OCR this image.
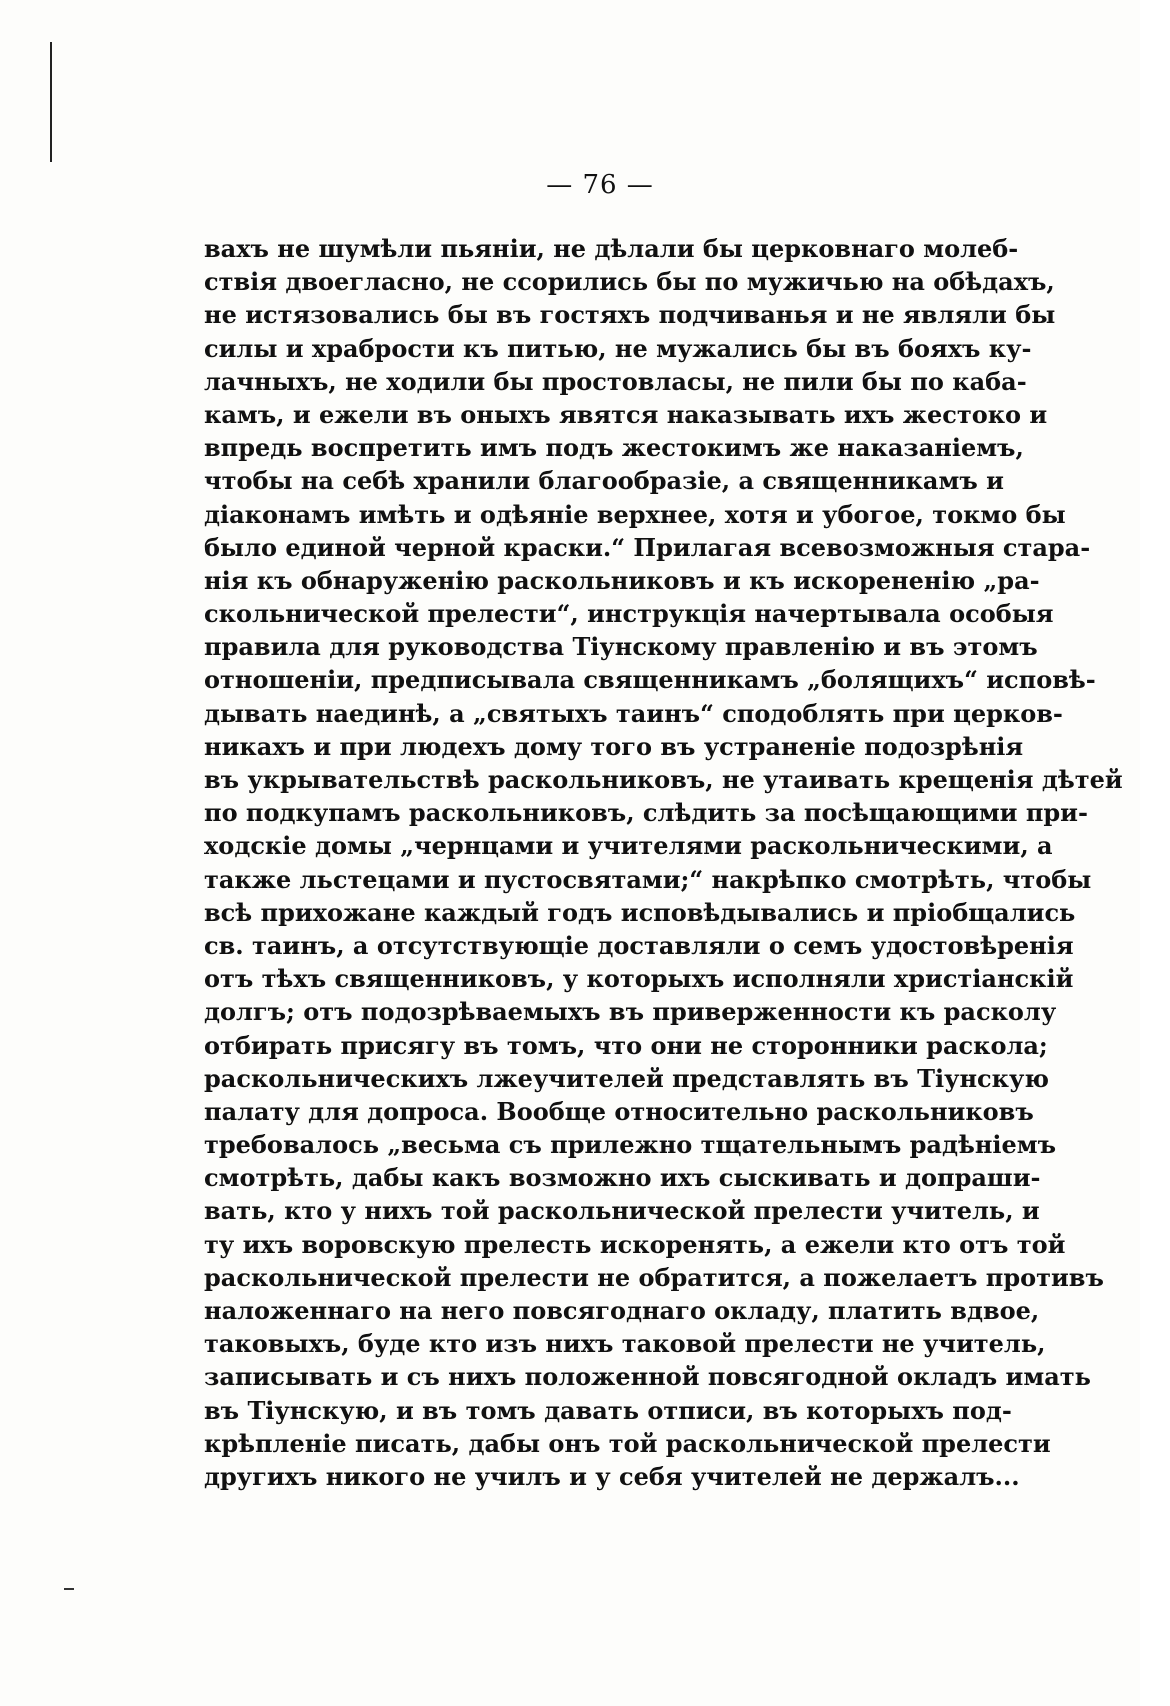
— 76 —
вахъ не шумѣли пьянiи, не дѣлали бы церковнаго молеб-
ствiя двоегласно, не ссорились бы по мужичью на обѣдахъ,
не истязовались бы въ гостяхъ подчиванья и не являли бы
силы и храбрости къ питью, не мужались бы въ бояхъ ку-
лачныхъ, не ходили бы простовласы, не пили бы по каба-
камъ, и ежели въ оныхъ явятся наказывать ихъ жестоко и
впредь воспретить имъ подъ жестокимъ же наказанiемъ,
чтобы на себѣ хранили благообразiе, а священникамъ и
дiаконамъ имѣть и одѣянiе верхнее, хотя и убогое, токмо бы
было единой черной краски.“ Прилагая всевозможныя стара-
нiя къ обнаруженiю раскольниковъ и къ искорененiю „ра-
скольнической прелести“, инструкцiя начертывала особыя
правила для руководства Тiунскому правленiю и въ этомъ
отношенiи, предписывала священникамъ „болящихъ“ исповѣ-
дывать наединѣ, а „святыхъ таинъ“ сподоблять при церков-
никахъ и при людехъ дому того въ устраненiе подозрѣнiя
въ укрывательствѣ раскольниковъ, не утаивать крещенiя дѣтей
по подкупамъ раскольниковъ, слѣдить за посѣщающими при-
ходскiе домы „чернцами и учителями раскольническими, а
также льстецами и пустосвятами;“ накрѣпко смотрѣть, чтобы
всѣ прихожане каждый годъ исповѣдывались и прiобщались
св. таинъ, а отсутствующiе доставляли о семъ удостовѣренiя
отъ тѣхъ священниковъ, у которыхъ исполняли христiанскiй
долгъ; отъ подозрѣваемыхъ въ приверженности къ расколу
отбирать присягу въ томъ, что они не сторонники раскола;
раскольническихъ лжеучителей представлять въ Тiунскую
палату для допроса. Вообще относительно раскольниковъ
требовалось „весьма съ прилежно тщательнымъ радѣнiемъ
смотрѣть, дабы какъ возможно ихъ сыскивать и допраши-
вать, кто у нихъ той раскольнической прелести учитель, и
ту ихъ воровскую прелесть искоренять, а ежели кто отъ той
раскольнической прелести не обратится, а пожелаетъ противъ
наложеннаго на него повсягоднаго окладу, платить вдвое,
таковыхъ, буде кто изъ нихъ таковой прелести не учитель,
записывать и съ нихъ положенной повсягодной окладъ имать
въ Тiунскую, и въ томъ давать отписи, въ которыхъ под-
крѣпленiе писать, дабы онъ той раскольнической прелести
другихъ никого не училъ и у себя учителей не держалъ...
